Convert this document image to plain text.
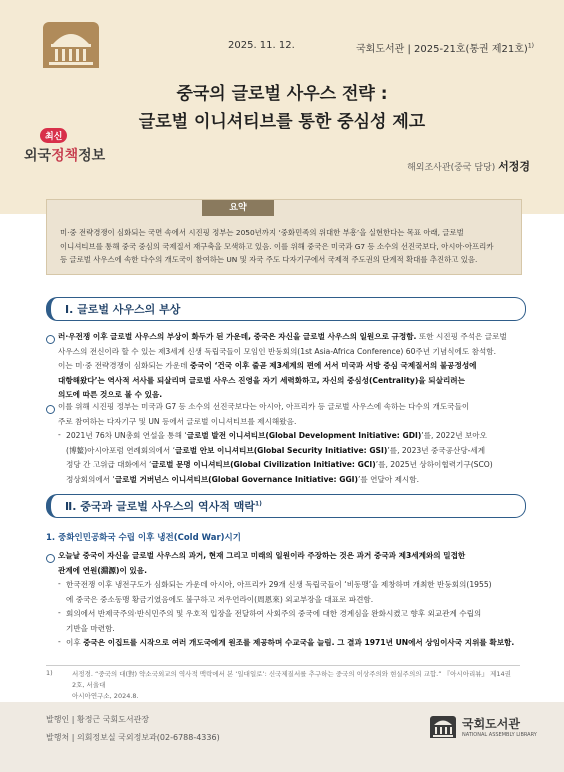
2025. 11. 12.	국회도서관 | 2025-21호(통권 제21호)$^{1)}$
중국의 글로벌 사우스 전략 :
글로벌 이니셔티브를 통한 중심성 제고
최신
외국정책정보
해외조사관(중국 담당) 서정경
요약
미·중 전략경쟁이 심화되는 국면 속에서 시진핑 정부는 2050년까지 ‘중화민족의 위대한 부흥’을 실현한다는 목표 아래, 글로벌
이니셔티브를 통해 중국 중심의 국제질서 재구축을 모색하고 있음. 이를 위해 중국은 미국과 G7 등 소수의 선진국보다, 아시아·아프리카
등 글로벌 사우스에 속한 다수의 개도국이 참여하는 UN 및 자국 주도 다자기구에서 국제적 주도권의 단계적 확대를 추진하고 있음.
Ⅰ. 글로벌 사우스의 부상
러·우전쟁 이후 글로벌 사우스의 부상이 화두가 된 가운데, 중국은 자신을 글로벌 사우스의 일원으로 규정함. 또한 시진핑 주석은 글로벌
사우스의 전신이라 할 수 있는 제3세계 신생 독립국들이 모임인 반둥회의(1st Asia-Africa Conference) 60주년 기념식에도 참석함.
이는 미·중 전략경쟁이 심화되는 가운데 중국이 ‘건국 이후 줄곧 제3세계의 편에 서서 미국과 서방 중심 국제질서의 불공정성에
대항해왔다’는 역사적 서사를 되살리며 글로벌 사우스 진영을 자기 세력화하고, 자신의 중심성(Centrality)을 되살리려는
의도에 따른 것으로 볼 수 있음.
이를 위해 시진핑 정부는 미국과 G7 등 소수의 선진국보다는 아시아, 아프리카 등 글로벌 사우스에 속하는 다수의 개도국들이
주로 참여하는 다자기구 및 UN 등에서 글로벌 이니셔티브를 제시해왔음.
- 2021년 76차 UN총회 연설을 통해 ‘글로벌 발전 이니셔티브(Global Development Initiative: GDI)’를, 2022년 보아오
(博鳌)아시아포럼 연례회의에서 ‘글로벌 안보 이니셔티브(Global Security Initiative: GSI)’를, 2023년 중국공산당-세계
정당 간 고위급 대화에서 ‘글로벌 문명 이니셔티브(Global Civilization Initiative: GCI)’를, 2025년 상하이협력기구(SCO)
정상회의에서 ‘글로벌 거버넌스 이니셔티브(Global Governance Initiative: GGI)’를 연달아 제시함.
Ⅱ. 중국과 글로벌 사우스의 역사적 맥락$^{1)}$
1. 중화인민공화국 수립 이후 냉전(Cold War)시기
오늘날 중국이 자신을 글로벌 사우스의 과거, 현재 그리고 미래의 일원이라 주장하는 것은 과거 중국과 제3세계와의 밀접한
관계에 연원(淵源)이 있음.
- 한국전쟁 이후 냉전구도가 심화되는 가운데 아시아, 아프리카 29개 신생 독립국들이 ‘비동맹’을 제창하며 개최한 반둥회의(1955)
에 중국은 중소동맹 황금기였음에도 불구하고 저우언라이(周恩來) 외교부장을 대표로 파견함.
- 회의에서 반제국주의·반식민주의 및 우호적 입장을 전달하여 사회주의 중국에 대한 경계심을 완화시켰고 향후 외교관계 수립의
기반을 마련함.
- 이후 중국은 이집트를 시작으로 여러 개도국에게 원조를 제공하며 수교국을 늘림. 그 결과 1971년 UN에서 상임이사국 지위를 확보함.
1)	서정경. “중국의 대(對) 약소국외교의 역사적 맥락에서 본 ‘일대일로’: 신국제질서를 추구하는 중국의 이상주의와 현실주의의 교합.” 『아시아리뷰』 제14권 2호, 서울대
아시아연구소, 2024.8.
발행인 | 황정근 국회도서관장
발행처 | 의회정보실 국외정보과(02-6788-4336)
국회도서관
NATIONAL ASSEMBLY LIBRARY
